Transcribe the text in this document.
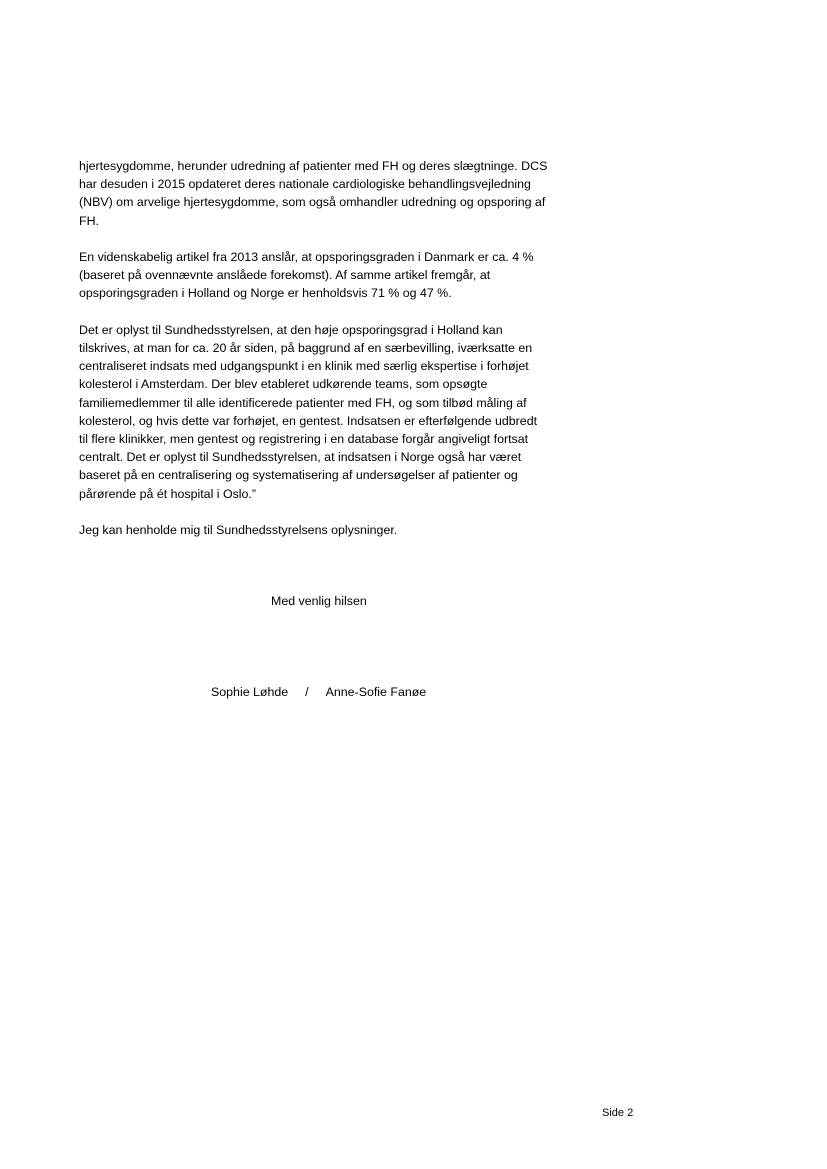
hjertesygdomme, herunder udredning af patienter med FH og deres slægtninge. DCS
har desuden i 2015 opdateret deres nationale cardiologiske behandlingsvejledning
(NBV) om arvelige hjertesygdomme, som også omhandler udredning og opsporing af
FH.

En videnskabelig artikel fra 2013 anslår, at opsporingsgraden i Danmark er ca. 4 %
(baseret på ovennævnte anslåede forekomst). Af samme artikel fremgår, at
opsporingsgraden i Holland og Norge er henholdsvis 71 % og 47 %.

Det er oplyst til Sundhedsstyrelsen, at den høje opsporingsgrad i Holland kan
tilskrives, at man for ca. 20 år siden, på baggrund af en særbevilling, iværksatte en
centraliseret indsats med udgangspunkt i en klinik med særlig ekspertise i forhøjet
kolesterol i Amsterdam. Der blev etableret udkørende teams, som opsøgte
familiemedlemmer til alle identificerede patienter med FH, og som tilbød måling af
kolesterol, og hvis dette var forhøjet, en gentest. Indsatsen er efterfølgende udbredt
til flere klinikker, men gentest og registrering i en database forgår angiveligt fortsat
centralt. Det er oplyst til Sundhedsstyrelsen, at indsatsen i Norge også har været
baseret på en centralisering og systematisering af undersøgelser af patienter og
pårørende på ét hospital i Oslo.”

Jeg kan henholde mig til Sundhedsstyrelsens oplysninger.

Med venlig hilsen
Sophie Løhde / Anne-Sofie Fanøe
Side 2
